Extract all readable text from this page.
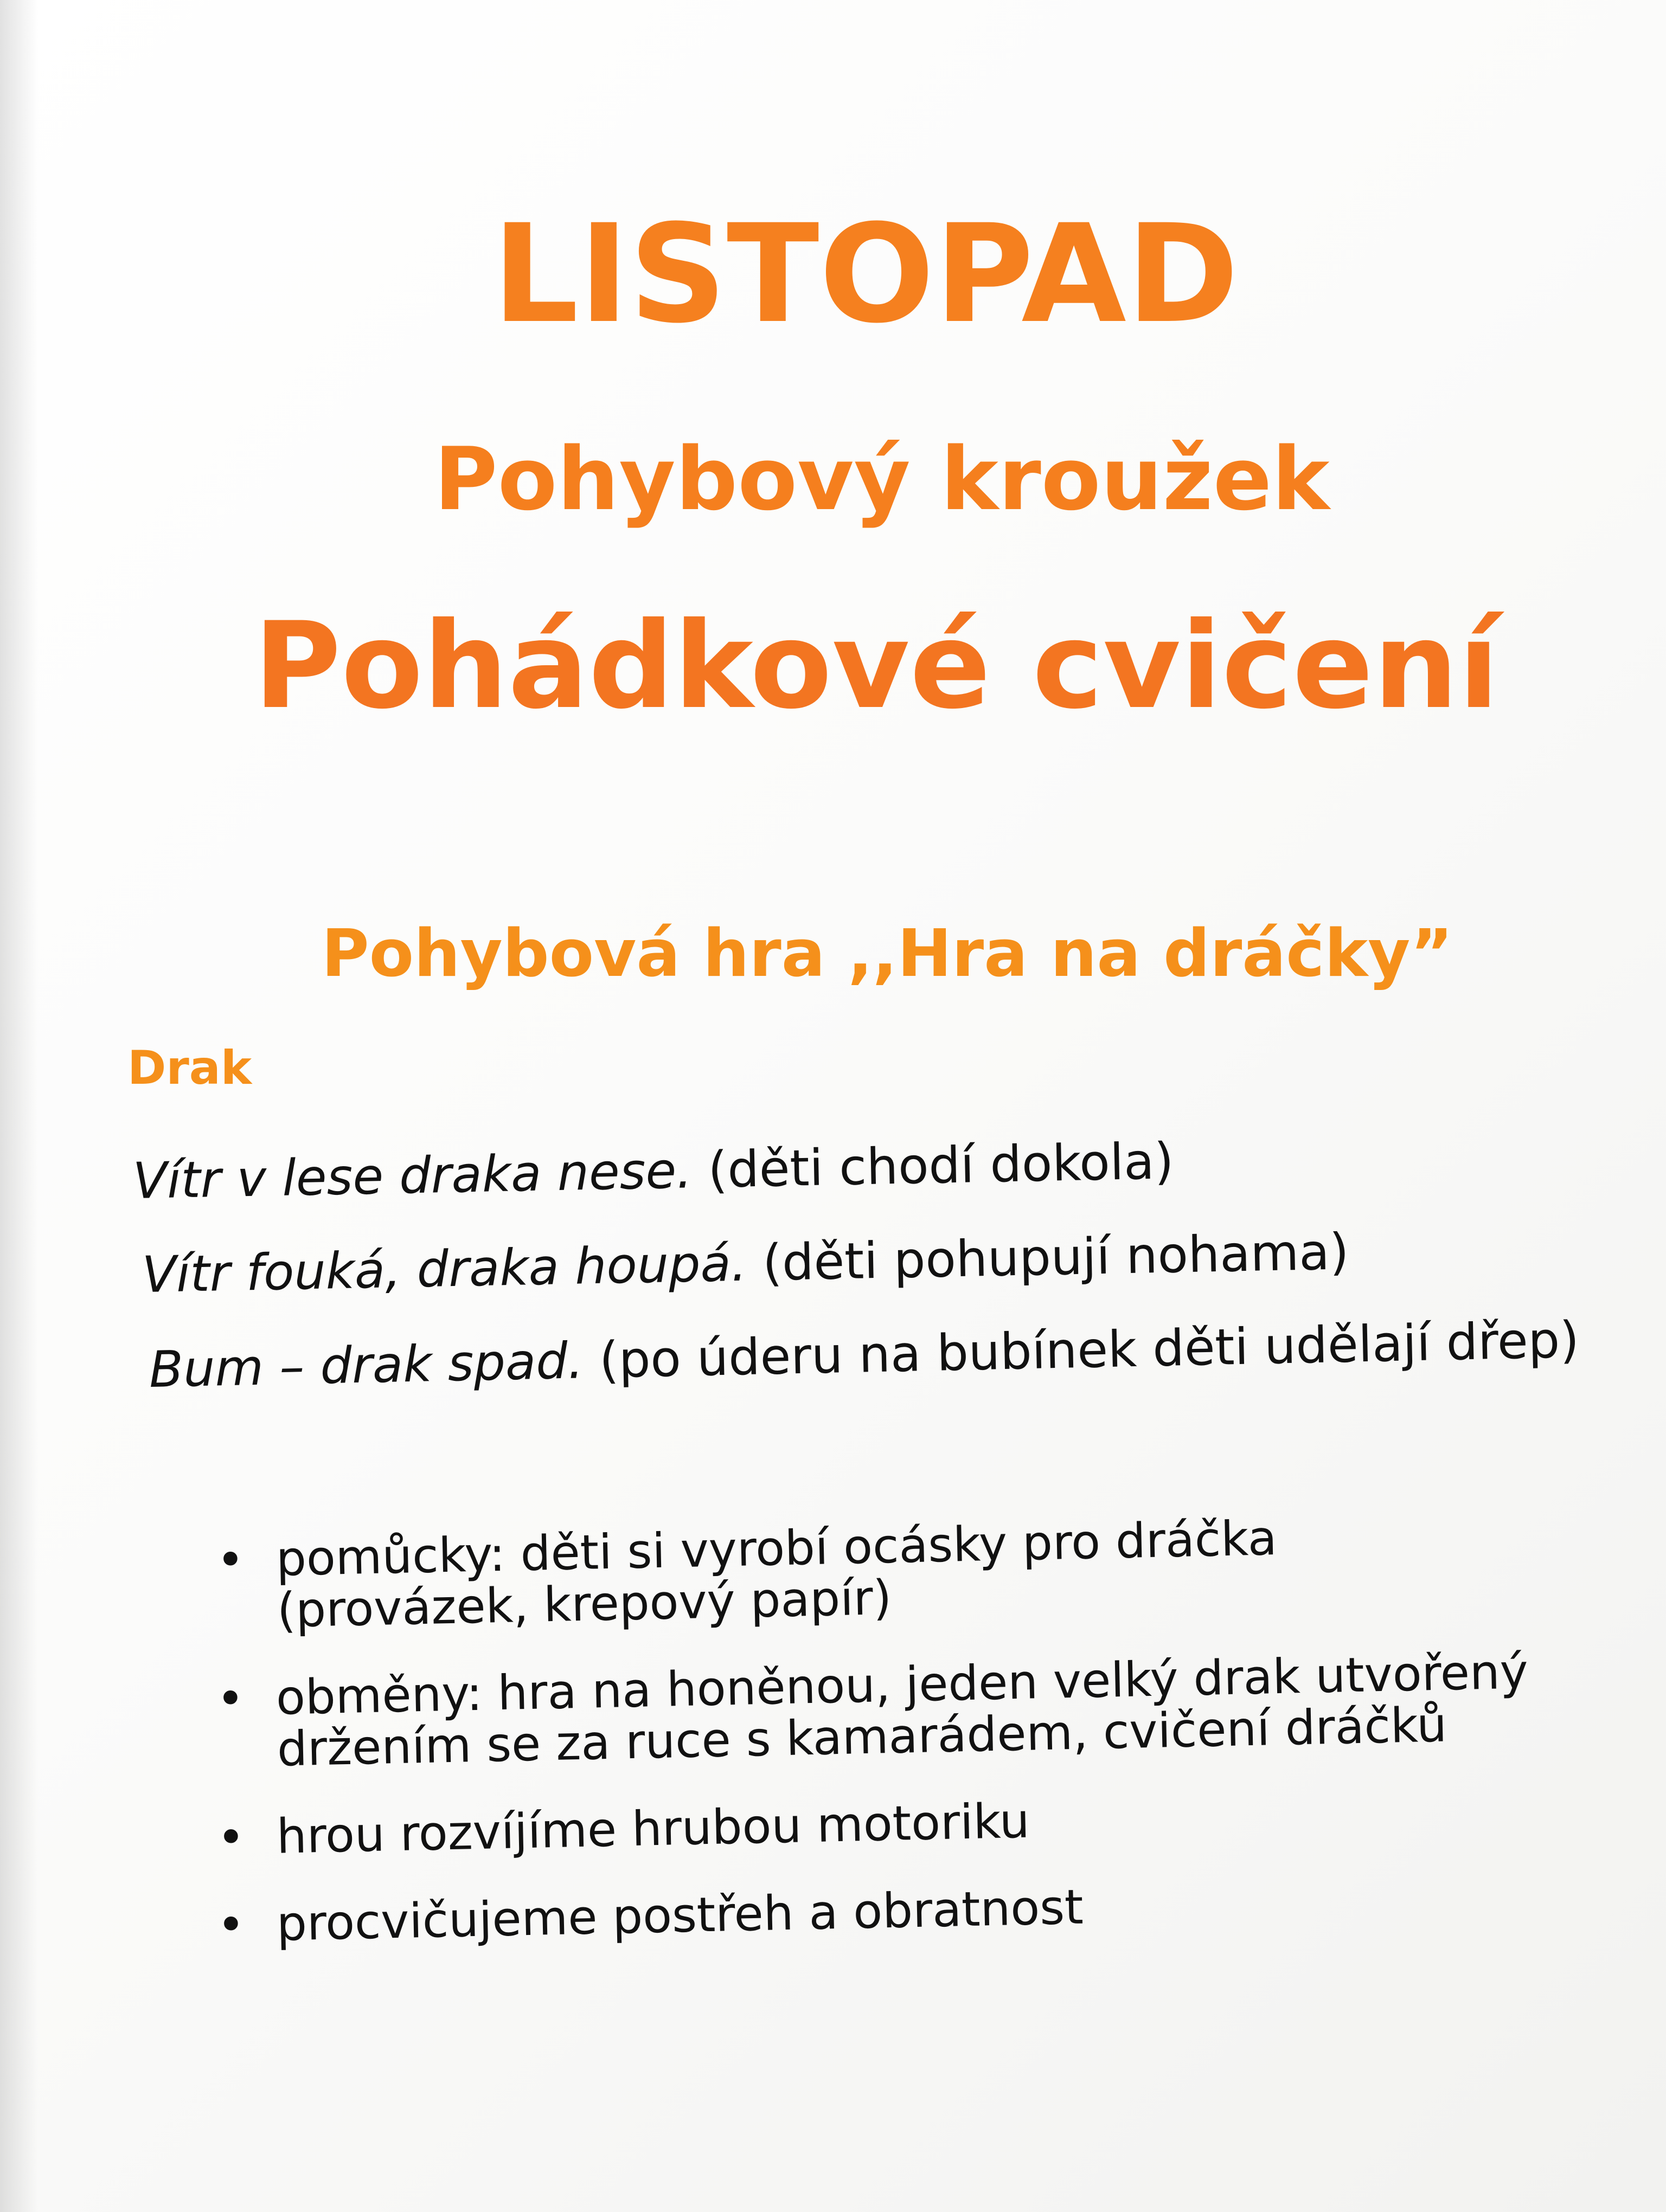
LISTOPAD
Pohybový kroužek
Pohádkové cvičení
Pohybová hra ,,Hra na dráčky”

Drak

Vítr v lese draka nese. (děti chodí dokola)

Vítr fouká, draka houpá. (děti pohupují nohama)

Bum – drak spad. (po úderu na bubínek děti udělají dřep)

• pomůcky: děti si vyrobí ocásky pro dráčka (provázek, krepový papír)
• obměny: hra na honěnou, jeden velký drak utvořený držením se za ruce s kamarádem, cvičení dráčků
• hrou rozvíjíme hrubou motoriku
• procvičujeme postřeh a obratnost
